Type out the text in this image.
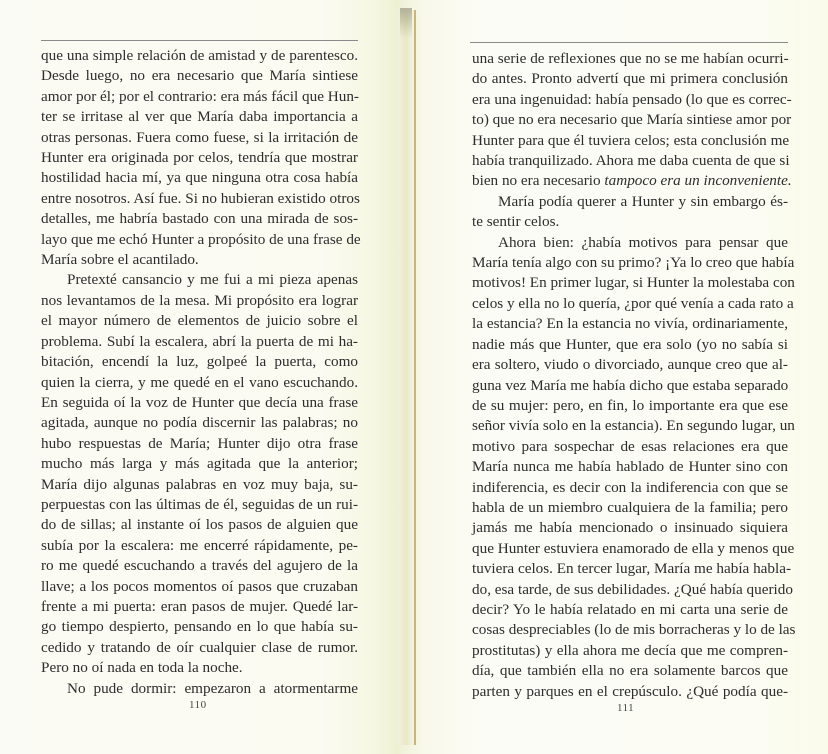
que una simple relación de amistad y de parentesco.
Desde luego, no era necesario que María sintiese
amor por él; por el contrario: era más fácil que Hun-
ter se irritase al ver que María daba importancia a
otras personas. Fuera como fuese, si la irritación de
Hunter era originada por celos, tendría que mostrar
hostilidad hacia mí, ya que ninguna otra cosa había
entre nosotros. Así fue. Si no hubieran existido otros
detalles, me habría bastado con una mirada de sos-
layo que me echó Hunter a propósito de una frase de
María sobre el acantilado.
Pretexté cansancio y me fui a mi pieza apenas
nos levantamos de la mesa. Mi propósito era lograr
el mayor número de elementos de juicio sobre el
problema. Subí la escalera, abrí la puerta de mi ha-
bitación, encendí la luz, golpeé la puerta, como
quien la cierra, y me quedé en el vano escuchando.
En seguida oí la voz de Hunter que decía una frase
agitada, aunque no podía discernir las palabras; no
hubo respuestas de María; Hunter dijo otra frase
mucho más larga y más agitada que la anterior;
María dijo algunas palabras en voz muy baja, su-
perpuestas con las últimas de él, seguidas de un rui-
do de sillas; al instante oí los pasos de alguien que
subía por la escalera: me encerré rápidamente, pe-
ro me quedé escuchando a través del agujero de la
llave; a los pocos momentos oí pasos que cruzaban
frente a mi puerta: eran pasos de mujer. Quedé lar-
go tiempo despierto, pensando en lo que había su-
cedido y tratando de oír cualquier clase de rumor.
Pero no oí nada en toda la noche.
No pude dormir: empezaron a atormentarme
110
una serie de reflexiones que no se me habían ocurri-
do antes. Pronto advertí que mi primera conclusión
era una ingenuidad: había pensado (lo que es correc-
to) que no era necesario que María sintiese amor por
Hunter para que él tuviera celos; esta conclusión me
había tranquilizado. Ahora me daba cuenta de que si
bien no era necesario tampoco era un inconveniente.
María podía querer a Hunter y sin embargo és-
te sentir celos.
Ahora bien: ¿había motivos para pensar que
María tenía algo con su primo? ¡Ya lo creo que había
motivos! En primer lugar, si Hunter la molestaba con
celos y ella no lo quería, ¿por qué venía a cada rato a
la estancia? En la estancia no vivía, ordinariamente,
nadie más que Hunter, que era solo (yo no sabía si
era soltero, viudo o divorciado, aunque creo que al-
guna vez María me había dicho que estaba separado
de su mujer: pero, en fin, lo importante era que ese
señor vivía solo en la estancia). En segundo lugar, un
motivo para sospechar de esas relaciones era que
María nunca me había hablado de Hunter sino con
indiferencia, es decir con la indiferencia con que se
habla de un miembro cualquiera de la familia; pero
jamás me había mencionado o insinuado siquiera
que Hunter estuviera enamorado de ella y menos que
tuviera celos. En tercer lugar, María me había habla-
do, esa tarde, de sus debilidades. ¿Qué había querido
decir? Yo le había relatado en mi carta una serie de
cosas despreciables (lo de mis borracheras y lo de las
prostitutas) y ella ahora me decía que me compren-
día, que también ella no era solamente barcos que
parten y parques en el crepúsculo. ¿Qué podía que-
111
